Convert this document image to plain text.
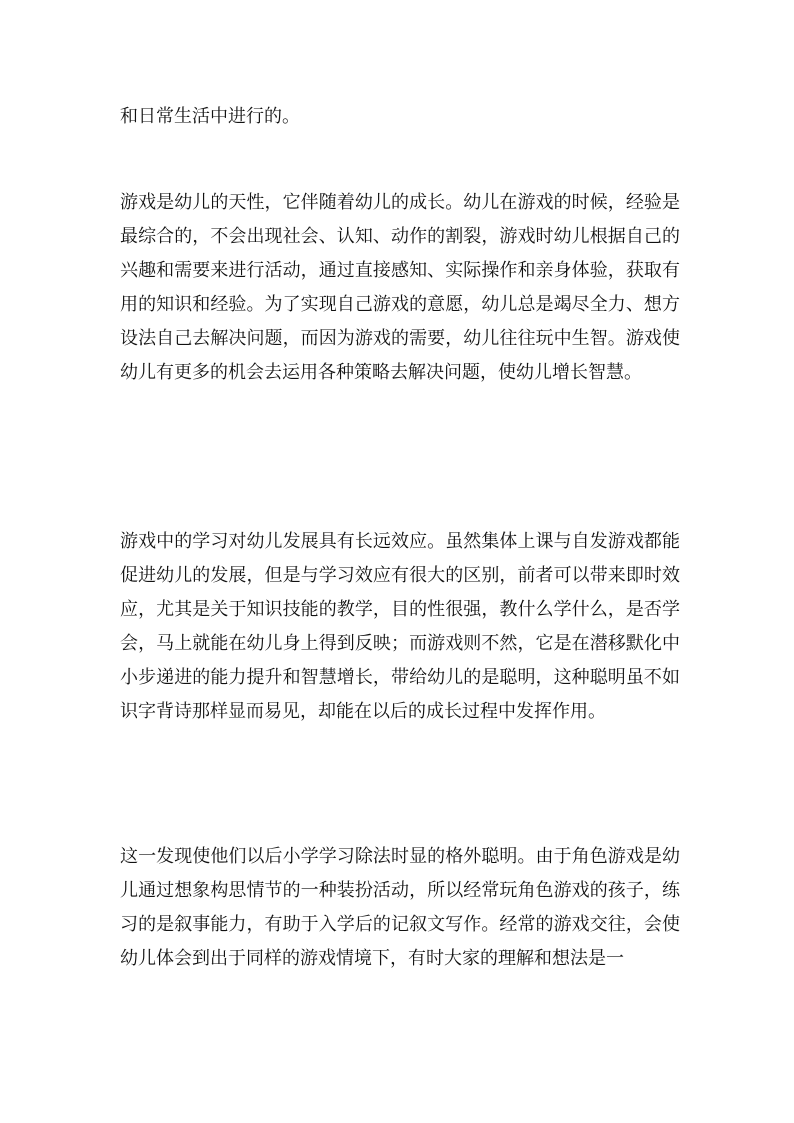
和日常生活中进行的。

游戏是幼儿的天性，它伴随着幼儿的成长。幼儿在游戏的时候，经验是最综合的，不会出现社会、认知、动作的割裂，游戏时幼儿根据自己的兴趣和需要来进行活动，通过直接感知、实际操作和亲身体验，获取有用的知识和经验。为了实现自己游戏的意愿，幼儿总是竭尽全力、想方设法自己去解决问题，而因为游戏的需要，幼儿往往玩中生智。游戏使幼儿有更多的机会去运用各种策略去解决问题，使幼儿增长智慧。

游戏中的学习对幼儿发展具有长远效应。虽然集体上课与自发游戏都能促进幼儿的发展，但是与学习效应有很大的区别，前者可以带来即时效应，尤其是关于知识技能的教学，目的性很强，教什么学什么，是否学会，马上就能在幼儿身上得到反映；而游戏则不然，它是在潜移默化中小步递进的能力提升和智慧增长，带给幼儿的是聪明，这种聪明虽不如识字背诗那样显而易见，却能在以后的成长过程中发挥作用。

这一发现使他们以后小学学习除法时显的格外聪明。由于角色游戏是幼儿通过想象构思情节的一种装扮活动，所以经常玩角色游戏的孩子，练习的是叙事能力，有助于入学后的记叙文写作。经常的游戏交往，会使幼儿体会到出于同样的游戏情境下，有时大家的理解和想法是一
